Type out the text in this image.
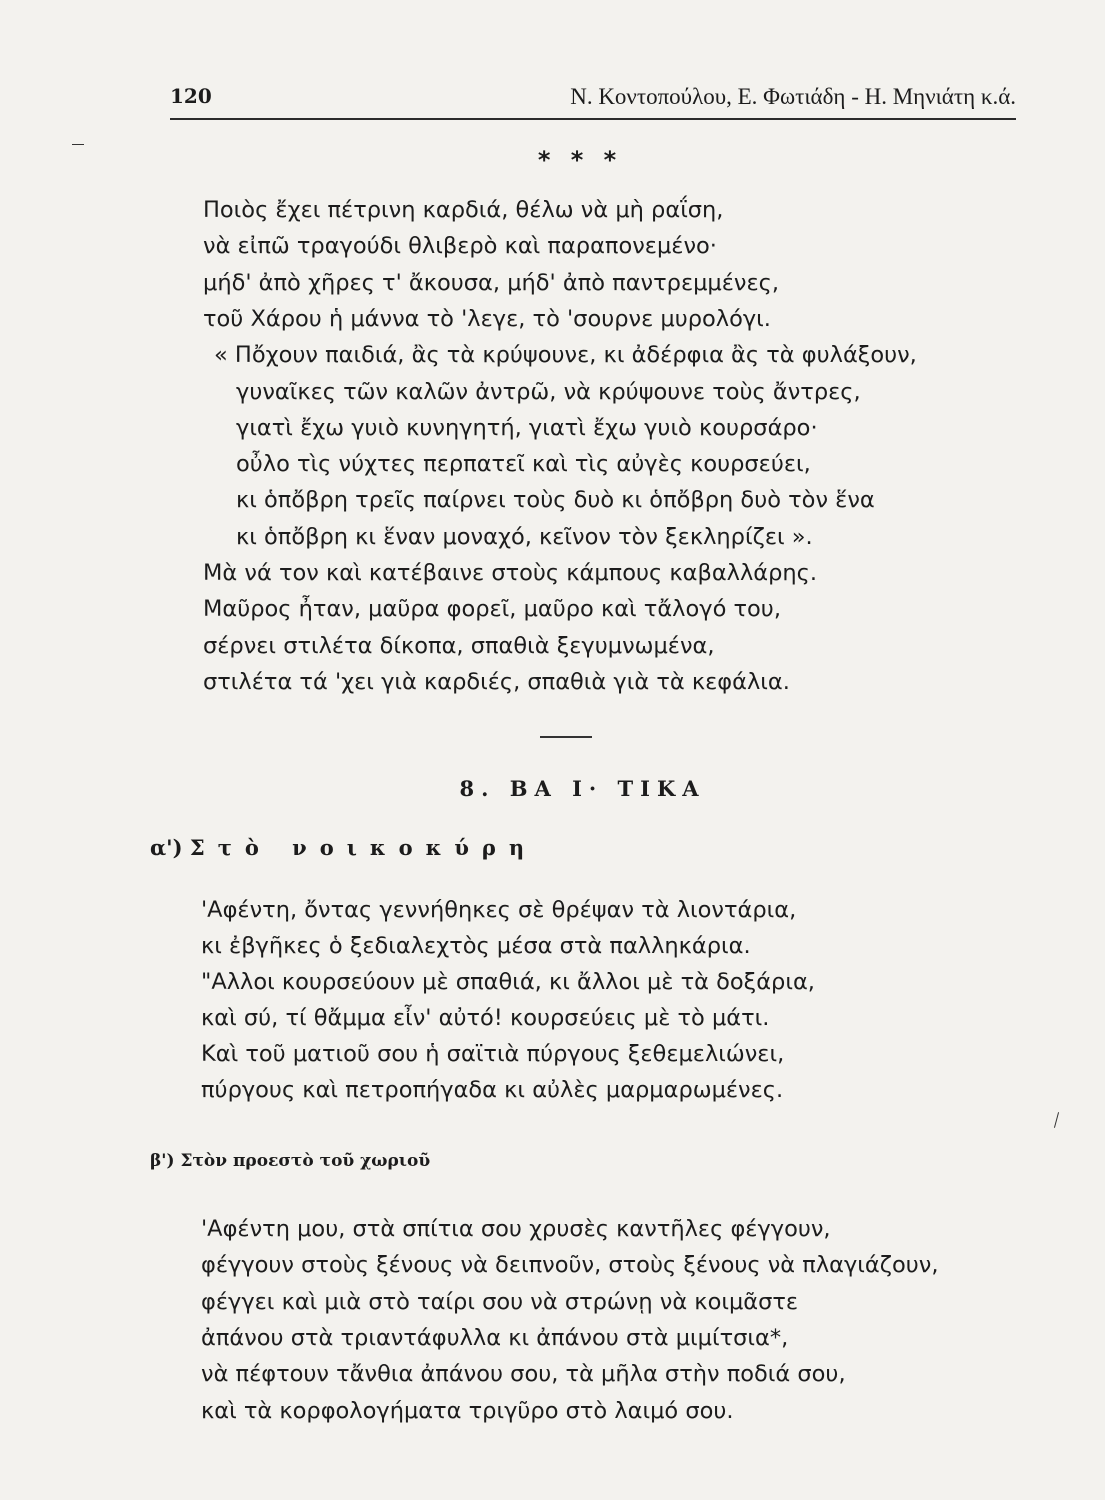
120	Ν. Κοντοπούλου, Ε. Φωτιάδη - Η. Μηνιάτη κ.ά.
* * *
Ποιὸς ἔχει πέτρινη καρδιά, θέλω νὰ μὴ ραΐση,
νὰ εἰπῶ τραγούδι θλιβερὸ καὶ παραπονεμένο·
μήδ' ἀπὸ χῆρες τ' ἄκουσα, μήδ' ἀπὸ παντρεμμένες,
τοῦ Χάρου ἡ μάννα τὸ 'λεγε, τὸ 'σουρνε μυρολόγι.
« Πὄχουν παιδιά, ἂς τὰ κρύψουνε, κι ἀδέρφια ἂς τὰ φυλάξουν,
γυναῖκες τῶν καλῶν ἀντρῶ, νὰ κρύψουνε τοὺς ἄντρες,
γιατὶ ἔχω γυιὸ κυνηγητή, γιατὶ ἔχω γυιὸ κουρσάρο·
οὖλο τὶς νύχτες περπατεῖ καὶ τὶς αὐγὲς κουρσεύει,
κι ὁπὄβρη τρεῖς παίρνει τοὺς δυὸ κι ὁπὄβρη δυὸ τὸν ἕνα
κι ὁπὄβρη κι ἕναν μοναχό, κεῖνον τὸν ξεκληρίζει ».
Μὰ νά τον καὶ κατέβαινε στοὺς κάμπους καβαλλάρης.
Μαῦρος ἦταν, μαῦρα φορεῖ, μαῦρο καὶ τἄλογό του,
σέρνει στιλέτα δίκοπα, σπαθιὰ ξεγυμνωμένα,
στιλέτα τά 'χει γιὰ καρδιές, σπαθιὰ γιὰ τὰ κεφάλια.
8. ΒΑ Ι· ΤΙΚΑ
α') Στὸ νοικοκύρη
'Αφέντη, ὄντας γεννήθηκες σὲ θρέψαν τὰ λιοντάρια,
κι ἐβγῆκες ὁ ξεδιαλεχτὸς μέσα στὰ παλληκάρια.
"Αλλοι κουρσεύουν μὲ σπαθιά, κι ἄλλοι μὲ τὰ δοξάρια,
καὶ σύ, τί θἄμμα εἶν' αὐτό! κουρσεύεις μὲ τὸ μάτι.
Καὶ τοῦ ματιοῦ σου ἡ σαϊτιὰ πύργους ξεθεμελιώνει,
πύργους καὶ πετροπήγαδα κι αὐλὲς μαρμαρωμένες.
β') Στὸν προεστὸ τοῦ χωριοῦ
'Αφέντη μου, στὰ σπίτια σου χρυσὲς καντῆλες φέγγουν,
φέγγουν στοὺς ξένους νὰ δειπνοῦν, στοὺς ξένους νὰ πλαγιάζουν,
φέγγει καὶ μιὰ στὸ ταίρι σου νὰ στρώνῃ νὰ κοιμᾶστε
ἀπάνου στὰ τριαντάφυλλα κι ἀπάνου στὰ μιμίτσια*,
νὰ πέφτουν τἄνθια ἀπάνου σου, τὰ μῆλα στὴν ποδιά σου,
καὶ τὰ κορφολογήματα τριγῦρο στὸ λαιμό σου.
